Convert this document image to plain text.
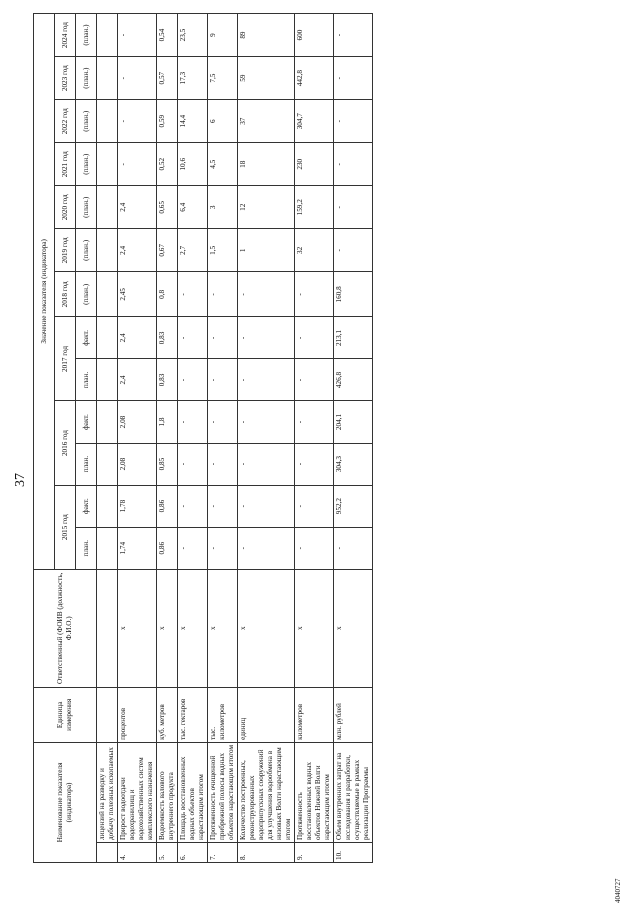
37
Наименование показателя (индикатора)		Единица измерения	Ответственный (ФОИВ (должность, Ф.И.О.)	Значение показателя (индикатора)												
				2015 год		2016 год		2017 год		2018 год	2019 год	2020 год	2021 год	2022 год	2023 год	2024 год
				план.	факт.	план.	факт.	план.	факт.	(план.)	(план.)	(план.)	(план.)	(план.)	(план.)	(план.)
	лицензий на разведку и добычу полезных ископаемых															
4.	Прирост водоотдачи водохранилищ и водохозяйственных систем комплексного назначения	процентов	x	1,74	1,78	2,08	2,08	2,4	2,4	2,45	2,4	2,4	-	-	-	-
5.	Водоемкость валового внутреннего продукта	куб. метров	x	0,86	0,86	0,85	1,8	0,83	0,83	0,8	0,67	0,65	0,52	0,59	0,57	0,54
6.	Площадь восстановленных водных объектов нарастающим итогом	тыс. гектаров	x	-	-	-	-	-	-	-	2,7	6,4	10,6	14,4	17,3	23,5
7.	Протяженность очищенной прибрежной полосы водных объектов нарастающим итогом	тыс. километров	x	-	-	-	-	-	-	-	1,5	3	4,5	6	7,5	9
8.	Количество построенных, реконструированных водоприпускных сооружений для улучшения водообмена в низовьях Волги нарастающим итогом	единиц	x	-	-	-	-	-	-	-	1	12	18	37	59	89
9.	Протяженность восстановленных водных объектов Нижней Волги нарастающим итогом	километров	x	-	-	-	-	-	-	-	32	159,2	230	304,7	442,8	600
10.	Объем внутренних затрат на исследования и разработки, осуществляемые в рамках реализации Программы	млн. рублей	x	-	952,2	304,3	204,1	426,8	213,1	160,8	-	-	-	-	-	-
4040727
